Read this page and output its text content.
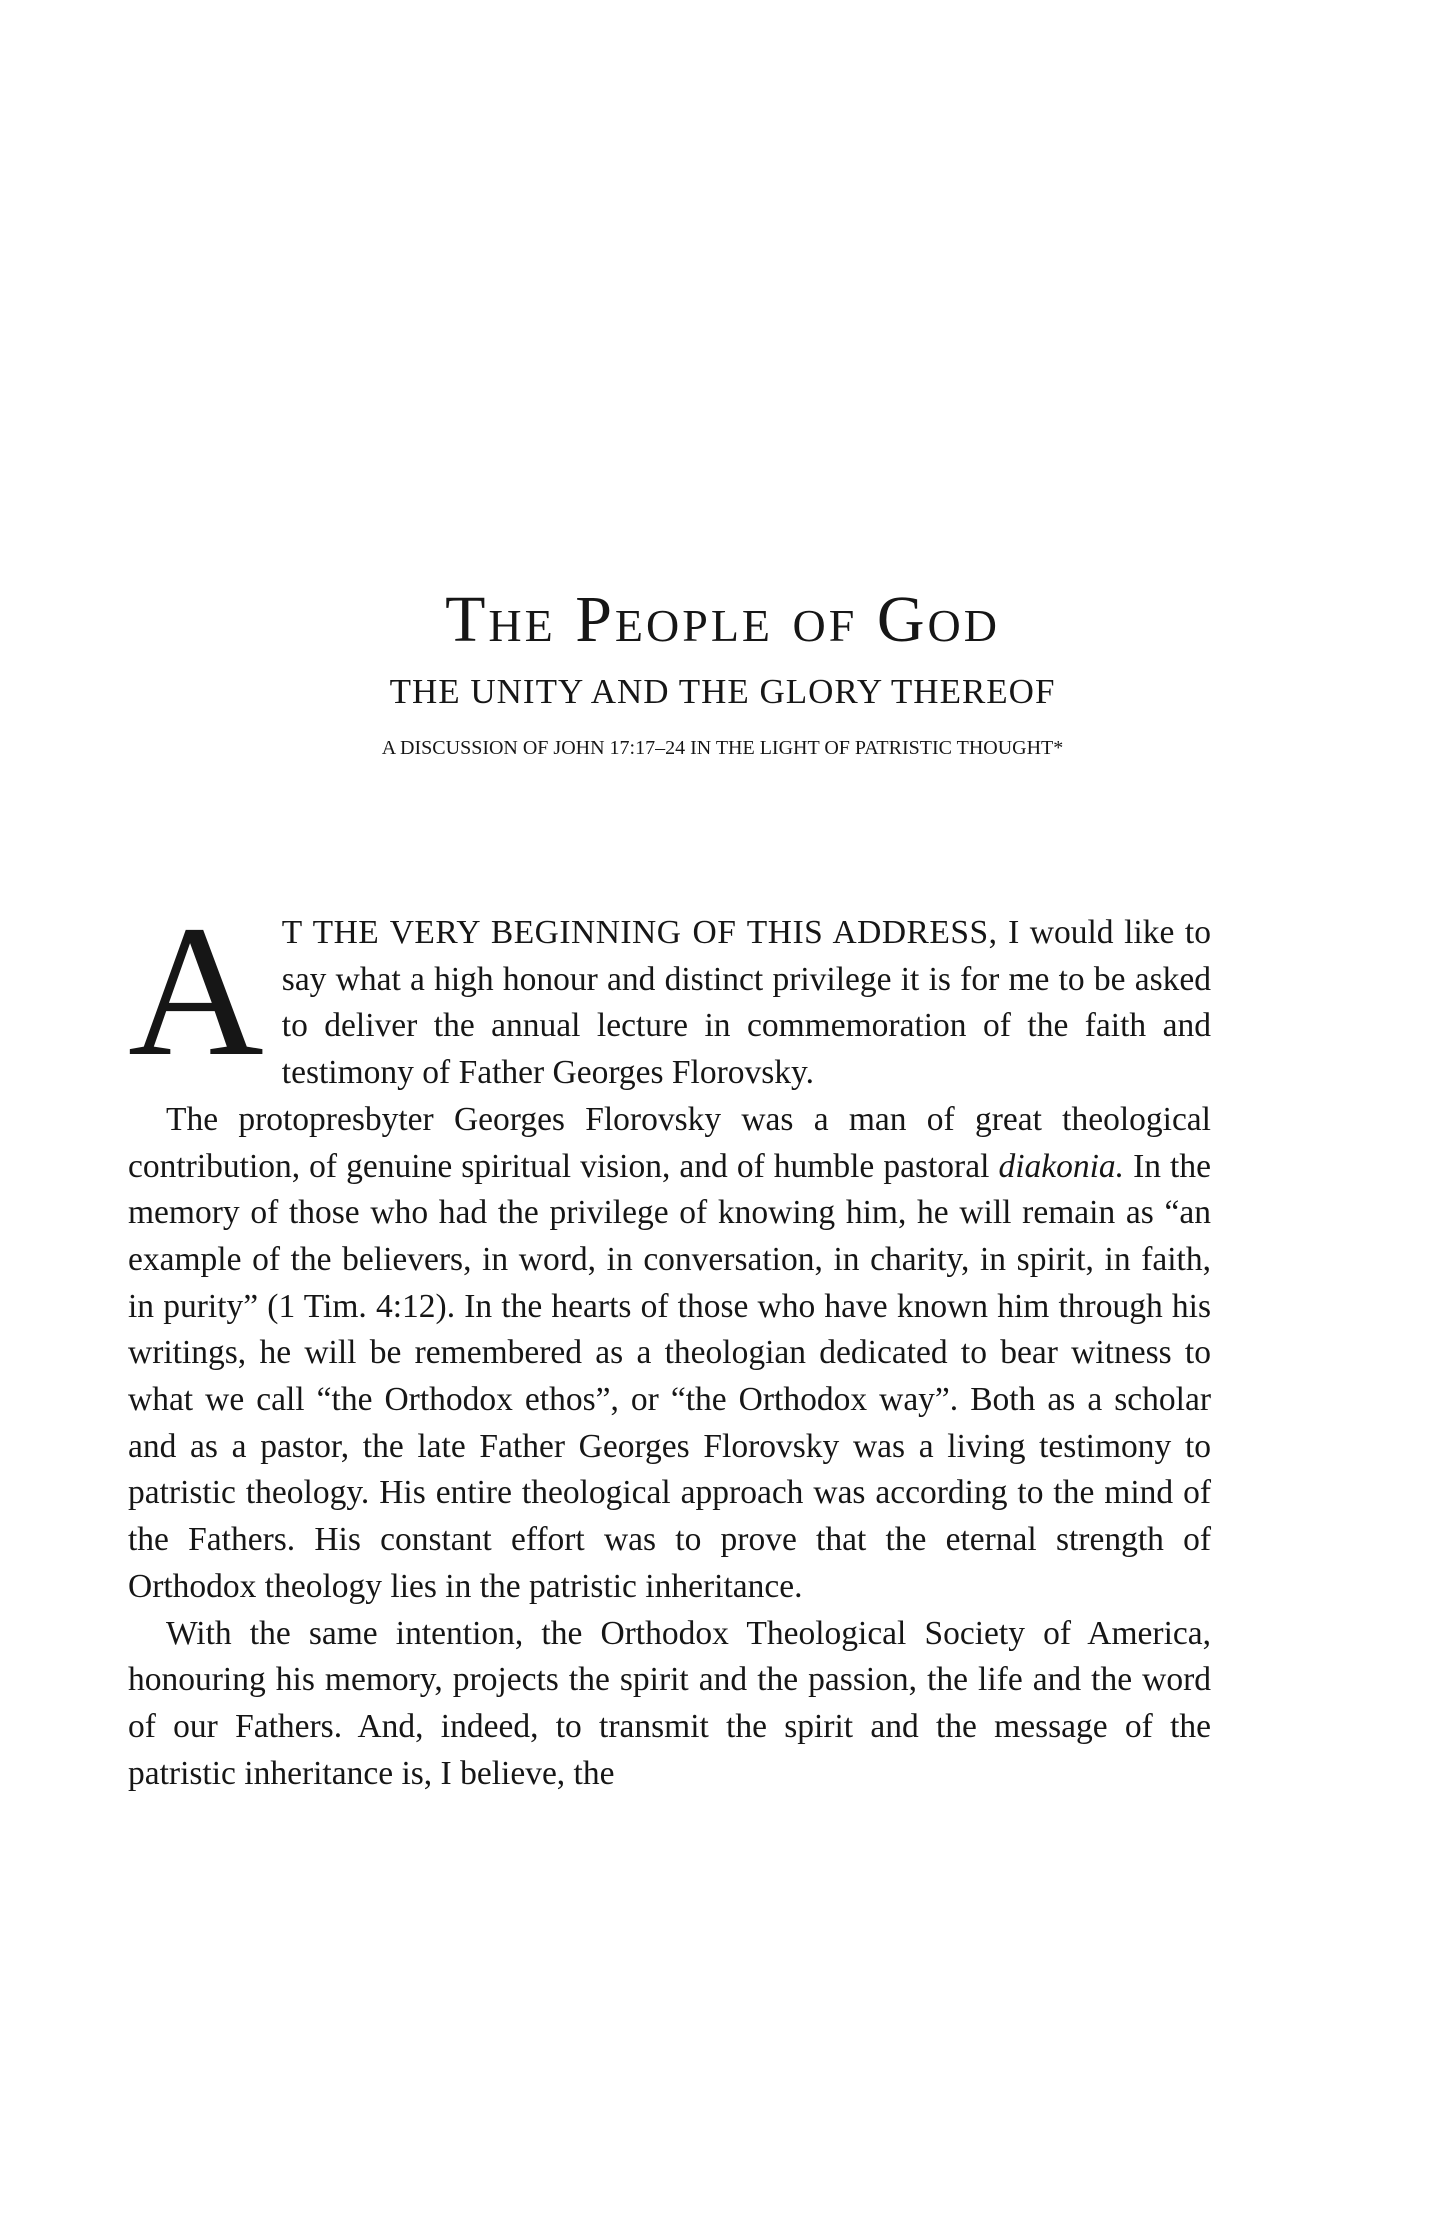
The People of God
THE UNITY AND THE GLORY THEREOF
A DISCUSSION OF JOHN 17:17–24 IN THE LIGHT OF PATRISTIC THOUGHT*

A T THE VERY BEGINNING OF THIS ADDRESS, I would like to say what a high honour and distinct privilege it is for me to be asked to deliver the annual lecture in commemoration of the faith and testimony of Father Georges Florovsky.

The protopresbyter Georges Florovsky was a man of great theological contribution, of genuine spiritual vision, and of humble pastoral diakonia. In the memory of those who had the privilege of knowing him, he will remain as “an example of the believers, in word, in conversation, in charity, in spirit, in faith, in purity” (1 Tim. 4:12). In the hearts of those who have known him through his writings, he will be remembered as a theologian dedicated to bear witness to what we call “the Orthodox ethos”, or “the Orthodox way”. Both as a scholar and as a pastor, the late Father Georges Florovsky was a living testimony to patristic theology. His entire theological approach was according to the mind of the Fathers. His constant effort was to prove that the eternal strength of Orthodox theology lies in the patristic inheritance.

With the same intention, the Orthodox Theological Society of America, honouring his memory, projects the spirit and the passion, the life and the word of our Fathers. And, indeed, to transmit the spirit and the message of the patristic inheritance is, I believe, the
